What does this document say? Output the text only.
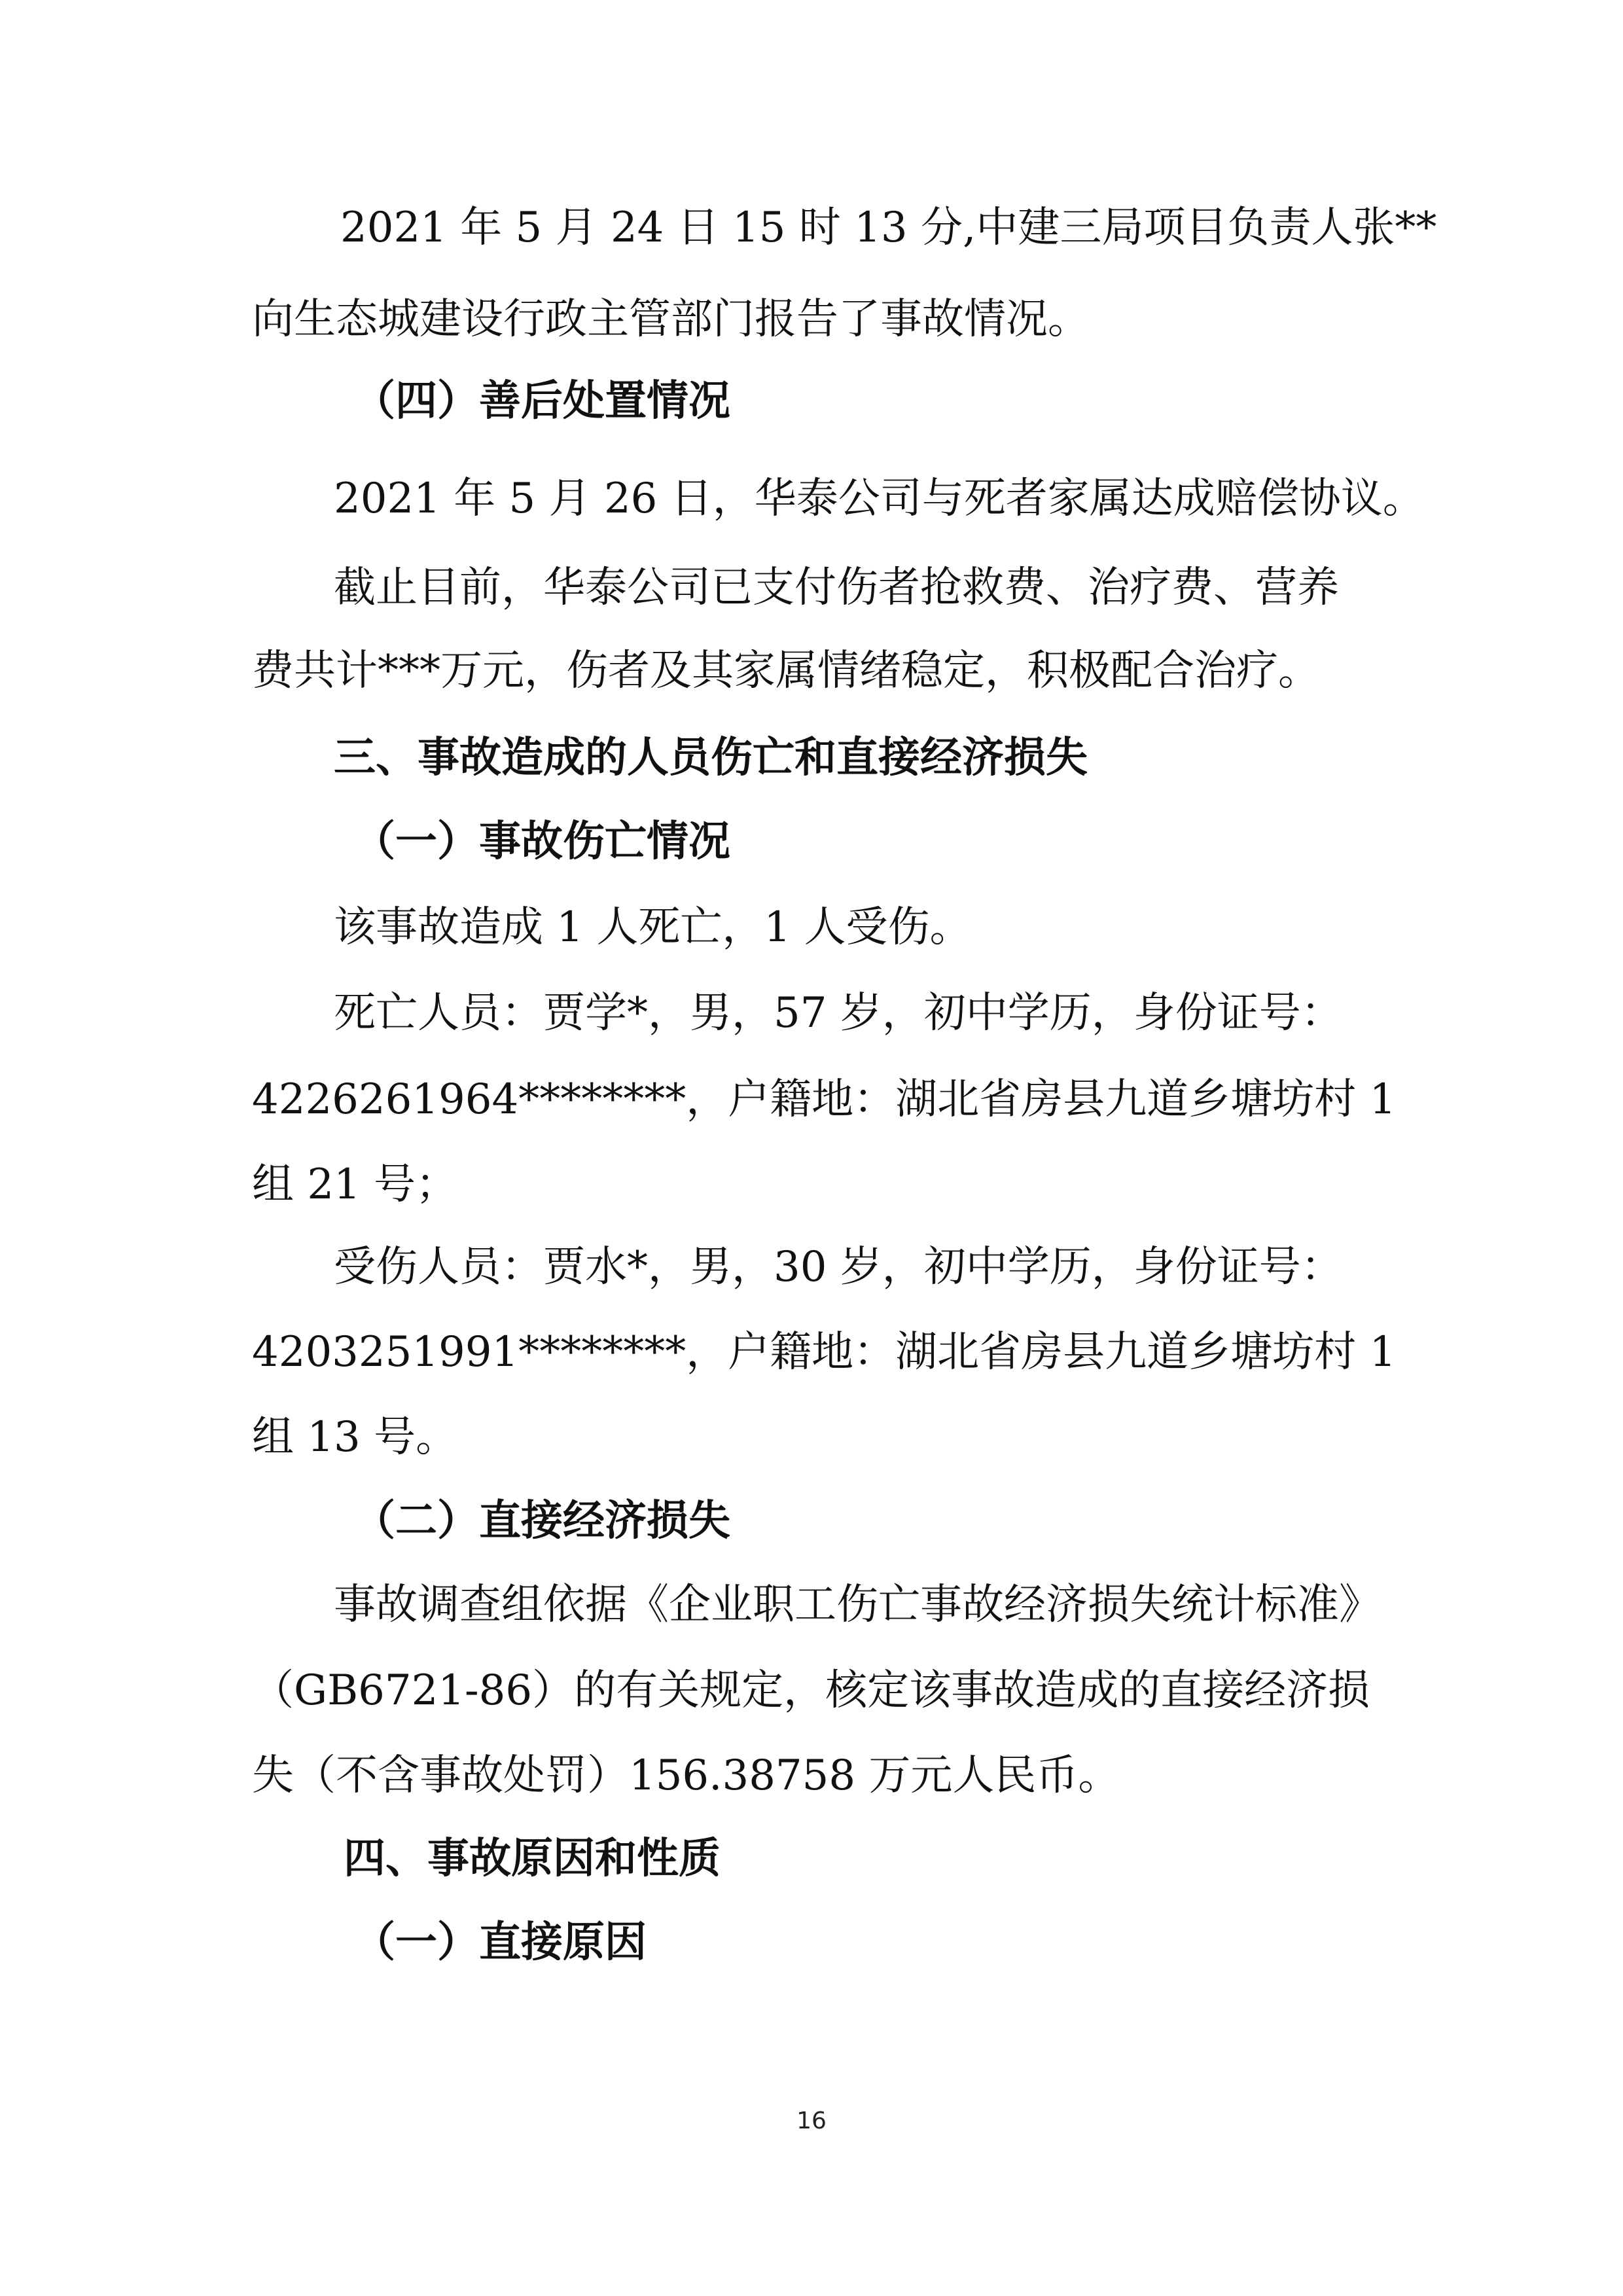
2021 年 5 月 24 日 15 时 13 分,中建三局项目负责人张**

向生态城建设行政主管部门报告了事故情况。

（四）善后处置情况

2021 年 5 月 26 日，华泰公司与死者家属达成赔偿协议。

截止目前，华泰公司已支付伤者抢救费、治疗费、营养

费共计***万元，伤者及其家属情绪稳定，积极配合治疗。

三、事故造成的人员伤亡和直接经济损失

（一）事故伤亡情况

该事故造成 1 人死亡，1 人受伤。

死亡人员：贾学*，男，57 岁，初中学历，身份证号：

4226261964********，户籍地：湖北省房县九道乡塘坊村 1

组 21 号；

受伤人员：贾水*，男，30 岁，初中学历，身份证号：

4203251991********，户籍地：湖北省房县九道乡塘坊村 1

组 13 号。

（二）直接经济损失

事故调查组依据《企业职工伤亡事故经济损失统计标准》

（GB6721-86）的有关规定，核定该事故造成的直接经济损

失（不含事故处罚）156.38758 万元人民币。

四、事故原因和性质

（一）直接原因

16
